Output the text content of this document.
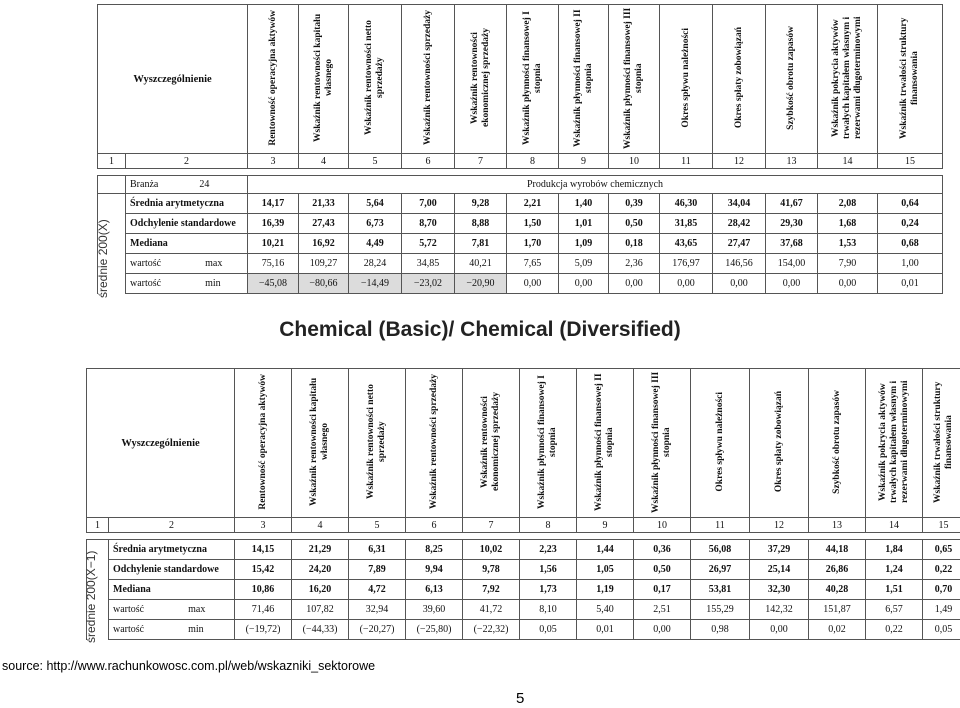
Wyszczególnienie		Rentowność operacyjna aktywów	Wskaźnik rentowności kapitału własnego	Wskaźnik rentowności netto sprzedaży	Wskaźnik rentowności sprzedaży	Wskaźnik rentowności ekonomicznej sprzedaży	Wskaźnik płynności finansowej I stopnia	Wskaźnik płynności finansowej II stopnia	Wskaźnik płynności finansowej III stopnia	Okres spływu należności	Okres spłaty zobowiązań	Szybkość obrotu zapasów	Wskaźnik pokrycia aktywów trwałych kapitałem własnym i rezerwami długoterminowymi	Wskaźnik trwałości struktury finansowania
1	2	3	4	5	6	7	8	9	10	11	12	13	14	15

	Branża 24	Produkcja wyrobów chemicznych												
	Średnia arytmetyczna	14,17	21,33	5,64	7,00	9,28	2,21	1,40	0,39	46,30	34,04	41,67	2,08	0,64
	Odchylenie standardowe	16,39	27,43	6,73	8,70	8,88	1,50	1,01	0,50	31,85	28,42	29,30	1,68	0,24
	Mediana	10,21	16,92	4,49	5,72	7,81	1,70	1,09	0,18	43,65	27,47	37,68	1,53	0,68
	wartość max	75,16	109,27	28,24	34,85	40,21	7,65	5,09	2,36	176,97	146,56	154,00	7,90	1,00
	wartość min	−45,08	−80,66	−14,49	−23,02	−20,90	0,00	0,00	0,00	0,00	0,00	0,00	0,00	0,01
średnie 200(X)
Chemical (Basic)/ Chemical (Diversified)
Wyszczególnienie		Rentowność operacyjna aktywów	Wskaźnik rentowności kapitału własnego	Wskaźnik rentowności netto sprzedaży	Wskaźnik rentowności sprzedaży	Wskaźnik rentowności ekonomicznej sprzedaży	Wskaźnik płynności finansowej I stopnia	Wskaźnik płynności finansowej II stopnia	Wskaźnik płynności finansowej III stopnia	Okres spływu należności	Okres spłaty zobowiązań	Szybkość obrotu zapasów	Wskaźnik pokrycia aktywów trwałych kapitałem własnym i rezerwami długoterminowymi	Wskaźnik trwałości struktury finansowania
1	2	3	4	5	6	7	8	9	10	11	12	13	14	15

	Średnia arytmetyczna	14,15	21,29	6,31	8,25	10,02	2,23	1,44	0,36	56,08	37,29	44,18	1,84	0,65
	Odchylenie standardowe	15,42	24,20	7,89	9,94	9,78	1,56	1,05	0,50	26,97	25,14	26,86	1,24	0,22
	Mediana	10,86	16,20	4,72	6,13	7,92	1,73	1,19	0,17	53,81	32,30	40,28	1,51	0,70
	wartość max	71,46	107,82	32,94	39,60	41,72	8,10	5,40	2,51	155,29	142,32	151,87	6,57	1,49
	wartość min	(−19,72)	(−44,33)	(−20,27)	(−25,80)	(−22,32)	0,05	0,01	0,00	0,98	0,00	0,02	0,22	0,05
średnie 200(X−1)
source: http://www.rachunkowosc.com.pl/web/wskazniki_sektorowe
5
